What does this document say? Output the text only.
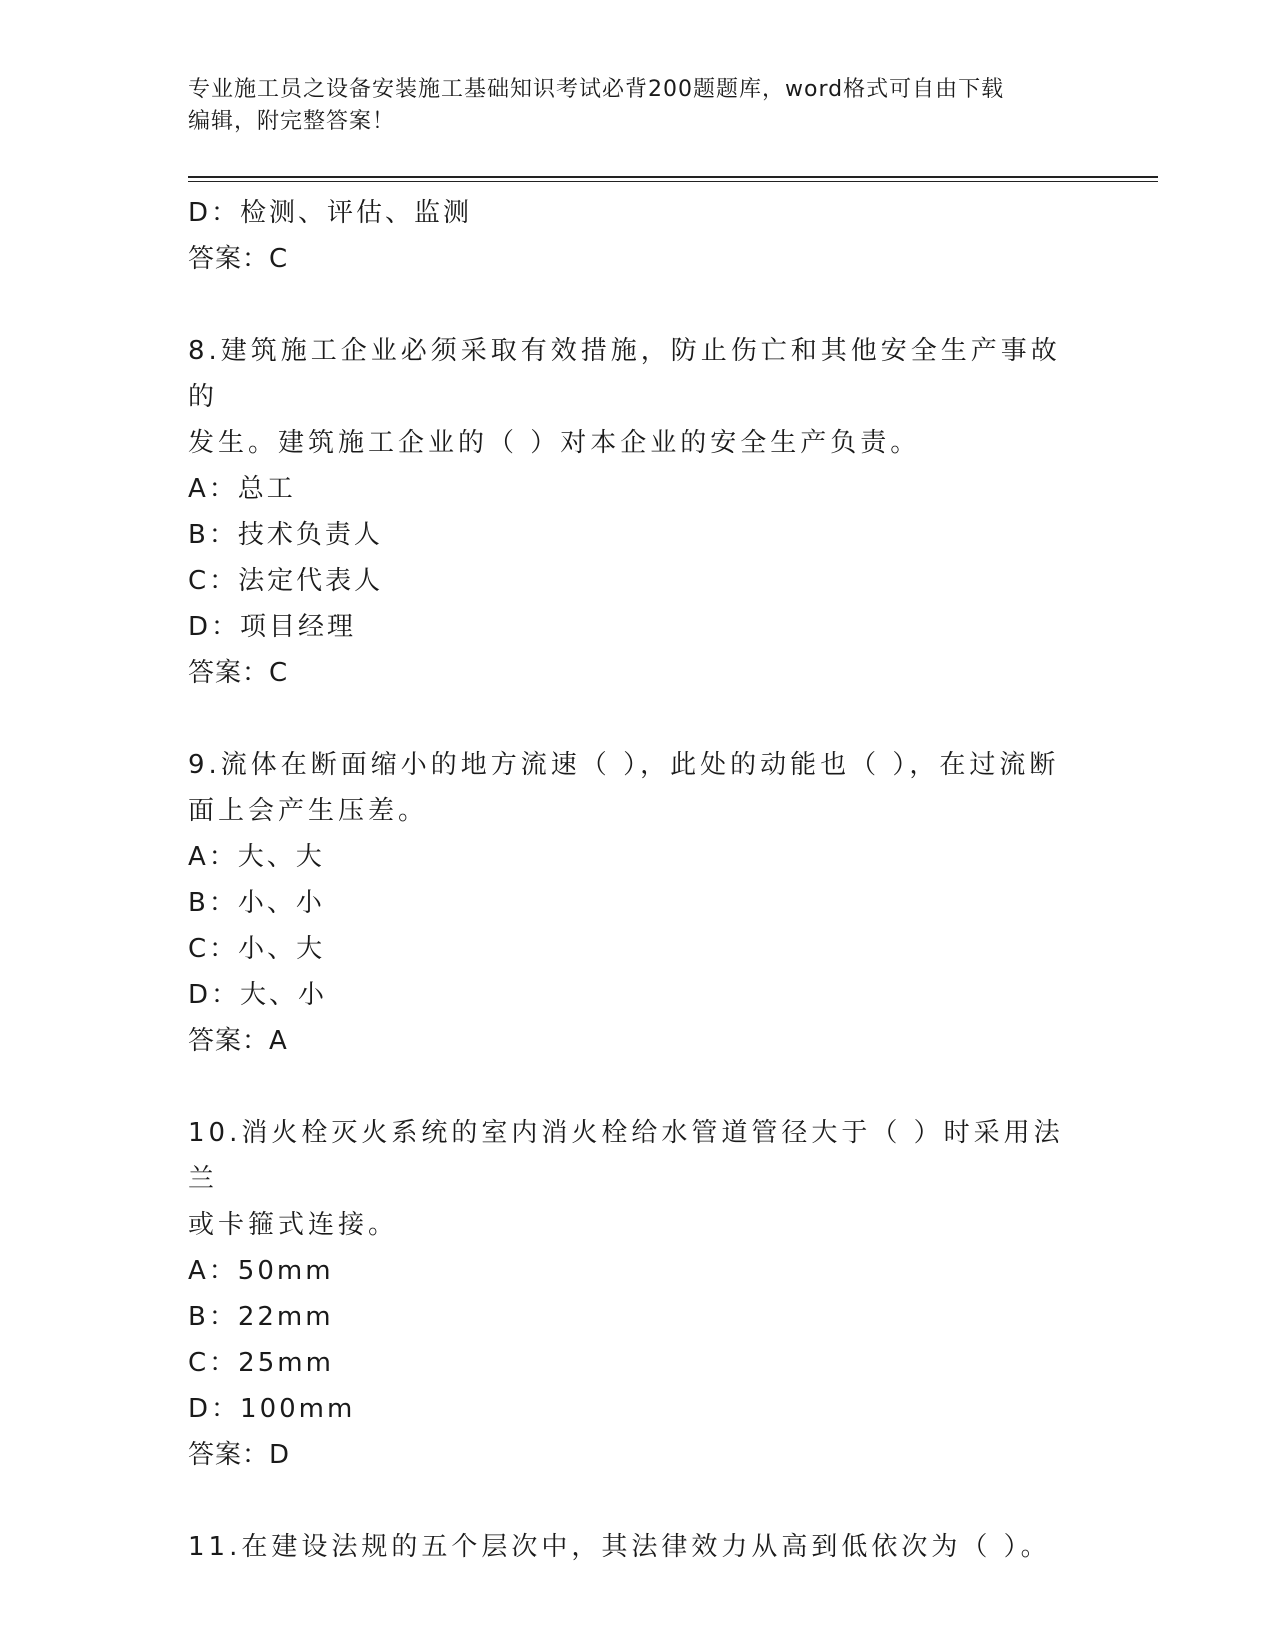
专业施工员之设备安装施工基础知识考试必背200题题库，word格式可自由下载
编辑，附完整答案！

D：检测、评估、监测

答案：C

8.建筑施工企业必须采取有效措施，防止伤亡和其他安全生产事故的

发生。建筑施工企业的（ ）对本企业的安全生产负责。

A：总工

B：技术负责人

C：法定代表人

D：项目经理

答案：C

9.流体在断面缩小的地方流速（ ），此处的动能也（ ），在过流断

面上会产生压差。

A：大、大

B：小、小

C：小、大

D：大、小

答案：A

10.消火栓灭火系统的室内消火栓给水管道管径大于（ ）时采用法兰

或卡箍式连接。

A：50mm

B：22mm

C：25mm

D：100mm

答案：D

11.在建设法规的五个层次中，其法律效力从高到低依次为（ ）。
